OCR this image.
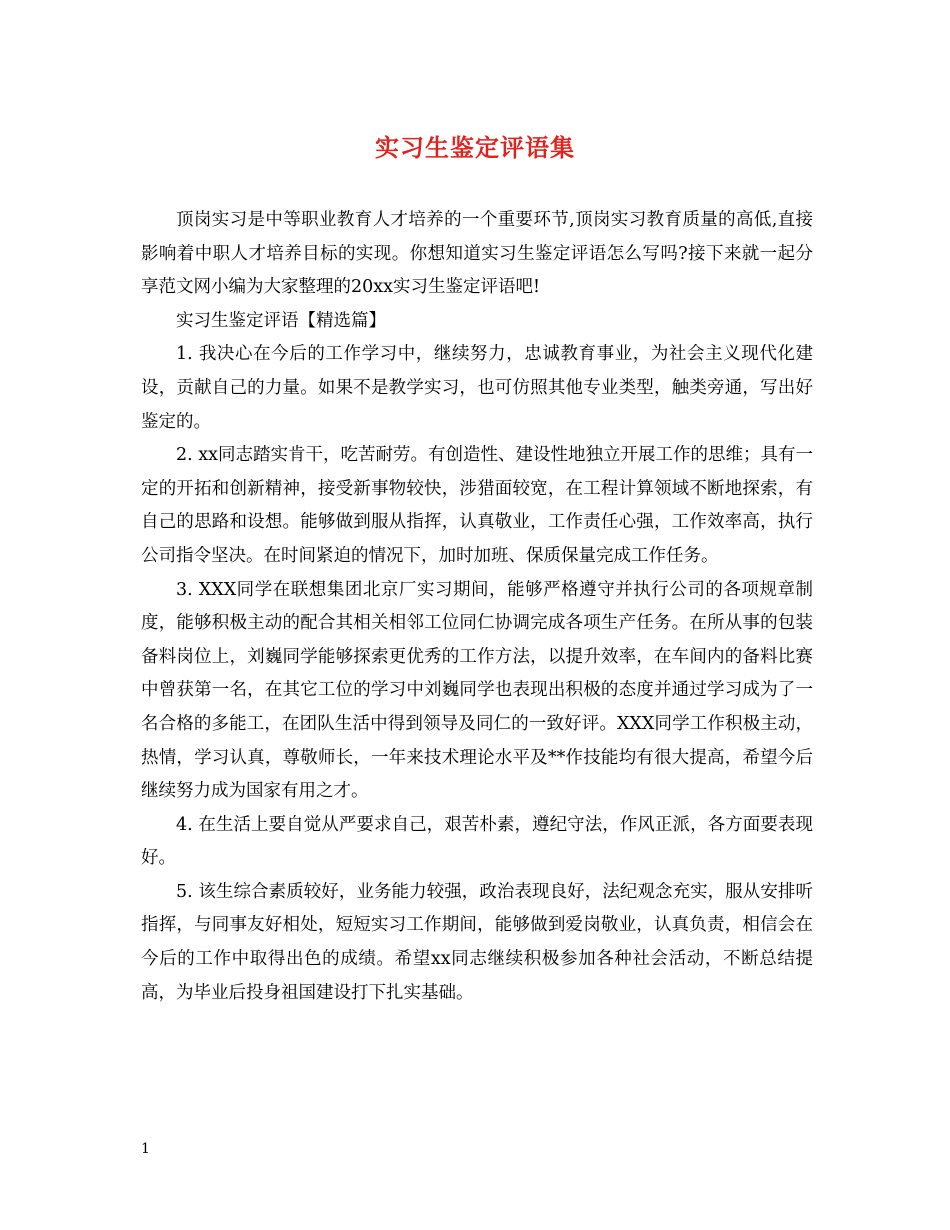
实习生鉴定评语集

顶岗实习是中等职业教育人才培养的一个重要环节,顶岗实习教育质量的高低,直接影响着中职人才培养目标的实现。你想知道实习生鉴定评语怎么写吗?接下来就一起分享范文网小编为大家整理的20xx实习生鉴定评语吧!

实习生鉴定评语【精选篇】

1. 我决心在今后的工作学习中，继续努力，忠诚教育事业，为社会主义现代化建设，贡献自己的力量。如果不是教学实习，也可仿照其他专业类型，触类旁通，写出好鉴定的。

2. xx同志踏实肯干，吃苦耐劳。有创造性、建设性地独立开展工作的思维；具有一定的开拓和创新精神，接受新事物较快，涉猎面较宽，在工程计算领域不断地探索，有自己的思路和设想。能够做到服从指挥，认真敬业，工作责任心强，工作效率高，执行公司指令坚决。在时间紧迫的情况下，加时加班、保质保量完成工作任务。

3. XXX同学在联想集团北京厂实习期间，能够严格遵守并执行公司的各项规章制度，能够积极主动的配合其相关相邻工位同仁协调完成各项生产任务。在所从事的包装备料岗位上，刘巍同学能够探索更优秀的工作方法，以提升效率，在车间内的备料比赛中曾获第一名，在其它工位的学习中刘巍同学也表现出积极的态度并通过学习成为了一名合格的多能工，在团队生活中得到领导及同仁的一致好评。XXX同学工作积极主动，热情，学习认真，尊敬师长，一年来技术理论水平及**作技能均有很大提高，希望今后继续努力成为国家有用之才。

4. 在生活上要自觉从严要求自己，艰苦朴素，遵纪守法，作风正派，各方面要表现好。

5. 该生综合素质较好，业务能力较强，政治表现良好，法纪观念充实，服从安排听指挥，与同事友好相处，短短实习工作期间，能够做到爱岗敬业，认真负责，相信会在今后的工作中取得出色的成绩。希望xx同志继续积极参加各种社会活动，不断总结提高，为毕业后投身祖国建设打下扎实基础。

1
